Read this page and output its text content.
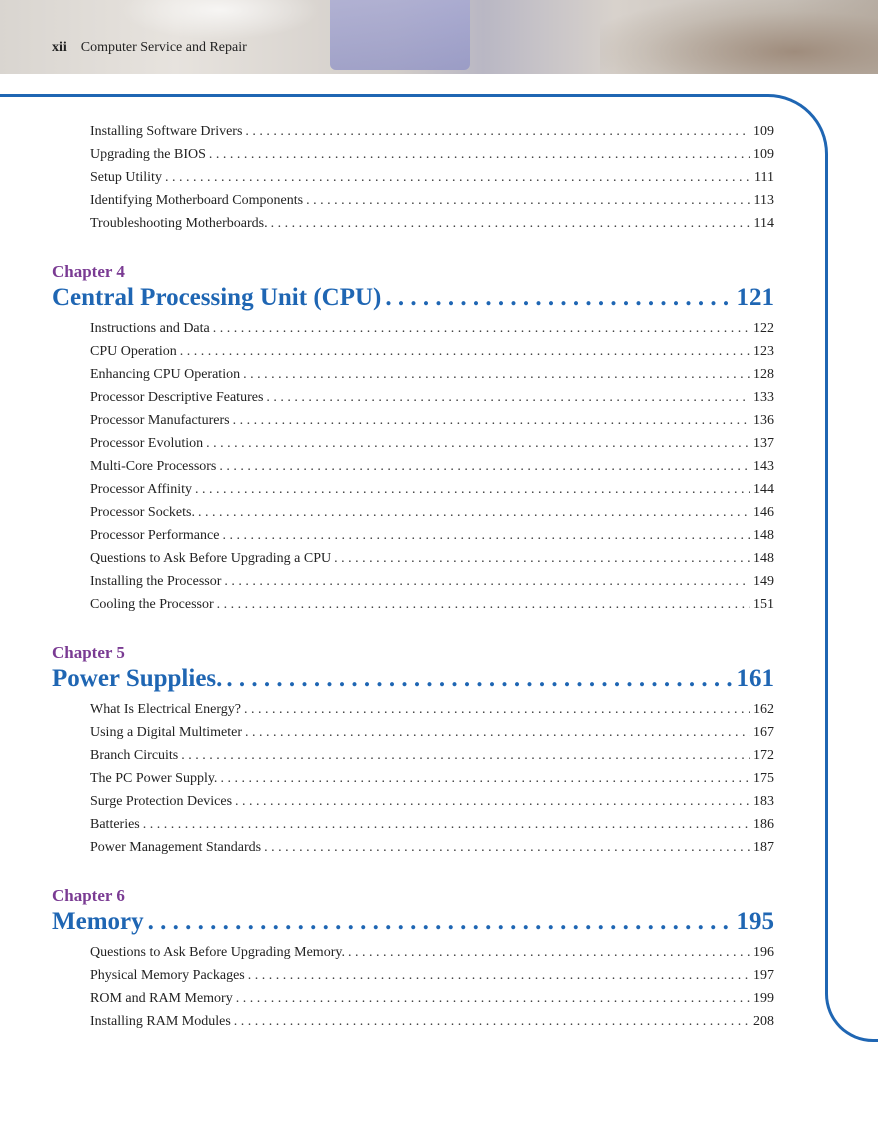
xii Computer Service and Repair
Installing Software Drivers . . .	109
Upgrading the BIOS . . .	109
Setup Utility . . .	111
Identifying Motherboard Components . . .	113
Troubleshooting Motherboards. . . .	114
Chapter 4
Central Processing Unit (CPU) . . .	121
Instructions and Data . . .	122
CPU Operation . . .	123
Enhancing CPU Operation . . .	128
Processor Descriptive Features . . .	133
Processor Manufacturers . . .	136
Processor Evolution . . .	137
Multi-Core Processors . . .	143
Processor Affinity . . .	144
Processor Sockets. . . .	146
Processor Performance . . .	148
Questions to Ask Before Upgrading a CPU . . .	148
Installing the Processor . . .	149
Cooling the Processor . . .	151
Chapter 5
Power Supplies. . . .	161
What Is Electrical Energy? . . .	162
Using a Digital Multimeter . . .	167
Branch Circuits . . .	172
The PC Power Supply. . . .	175
Surge Protection Devices . . .	183
Batteries . . .	186
Power Management Standards . . .	187
Chapter 6
Memory . . .	195
Questions to Ask Before Upgrading Memory. . . .	196
Physical Memory Packages . . .	197
ROM and RAM Memory . . .	199
Installing RAM Modules . . .	208
